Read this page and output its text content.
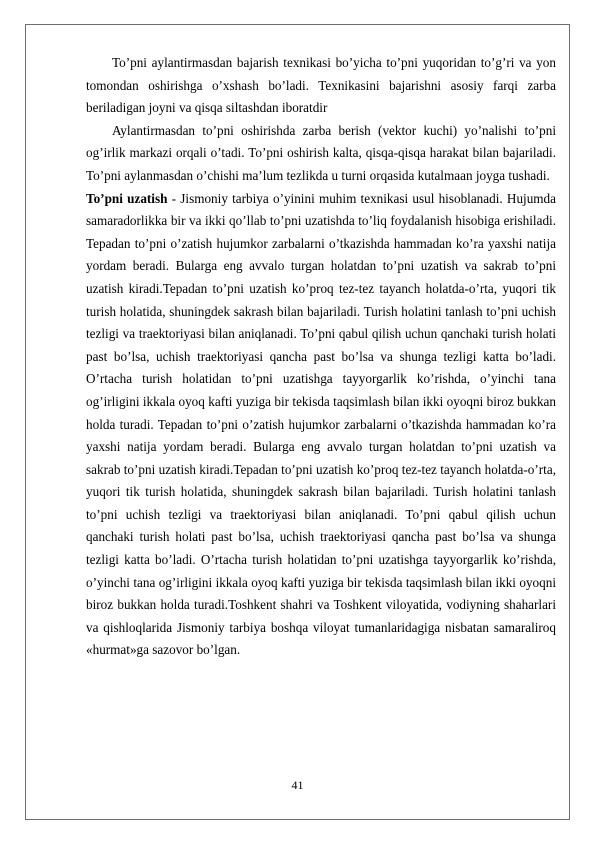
To’pni aylantirmasdan bajarish texnikasi bo’yicha to’pni yuqoridan to’g’ri va yon tomondan oshirishga o’xshash bo’ladi. Texnikasini bajarishni asosiy farqi zarba beriladigan joyni va qisqa siltashdan iboratdir

Aylantirmasdan to’pni oshirishda zarba berish (vektor kuchi) yo’nalishi to’pni og’irlik markazi orqali o’tadi. To’pni oshirish kalta, qisqa-qisqa harakat bilan bajariladi. To’pni aylanmasdan o’chishi ma’lum tezlikda u turni orqasida kutalmaan joyga tushadi.

To’pni uzatish - Jismoniy tarbiya o’yinini muhim texnikasi usul hisoblanadi. Hujumda samaradorlikka bir va ikki qo’llab to’pni uzatishda to’liq foydalanish hisobiga erishiladi. Tepadan to’pni o’zatish hujumkor zarbalarni o’tkazishda hammadan ko’ra yaxshi natija yordam beradi. Bularga eng avvalo turgan holatdan to’pni uzatish va sakrab to’pni uzatish kiradi.Tepadan to’pni uzatish ko’proq tez-tez tayanch holatda-o’rta, yuqori tik turish holatida, shuningdek sakrash bilan bajariladi. Turish holatini tanlash to’pni uchish tezligi va traektoriyasi bilan aniqlanadi. To’pni qabul qilish uchun qanchaki turish holati past bo’lsa, uchish traektoriyasi qancha past bo’lsa va shunga tezligi katta bo’ladi. O’rtacha turish holatidan to’pni uzatishga tayyorgarlik ko’rishda, o’yinchi tana og’irligini ikkala oyoq kafti yuziga bir tekisda taqsimlash bilan ikki oyoqni biroz bukkan holda turadi. Tepadan to’pni o’zatish hujumkor zarbalarni o’tkazishda hammadan ko’ra yaxshi natija yordam beradi. Bularga eng avvalo turgan holatdan to’pni uzatish va sakrab to’pni uzatish kiradi.Tepadan to’pni uzatish ko’proq tez-tez tayanch holatda-o’rta, yuqori tik turish holatida, shuningdek sakrash bilan bajariladi. Turish holatini tanlash to’pni uchish tezligi va traektoriyasi bilan aniqlanadi. To’pni qabul qilish uchun qanchaki turish holati past bo’lsa, uchish traektoriyasi qancha past bo’lsa va shunga tezligi katta bo’ladi. O’rtacha turish holatidan to’pni uzatishga tayyorgarlik ko’rishda, o’yinchi tana og’irligini ikkala oyoq kafti yuziga bir tekisda taqsimlash bilan ikki oyoqni biroz bukkan holda turadi.Toshkent shahri va Toshkent viloyatida, vodiyning shaharlari va qishloqlarida Jismoniy tarbiya boshqa viloyat tumanlaridagiga nisbatan samaraliroq «hurmat»ga sazovor bo’lgan.

41
